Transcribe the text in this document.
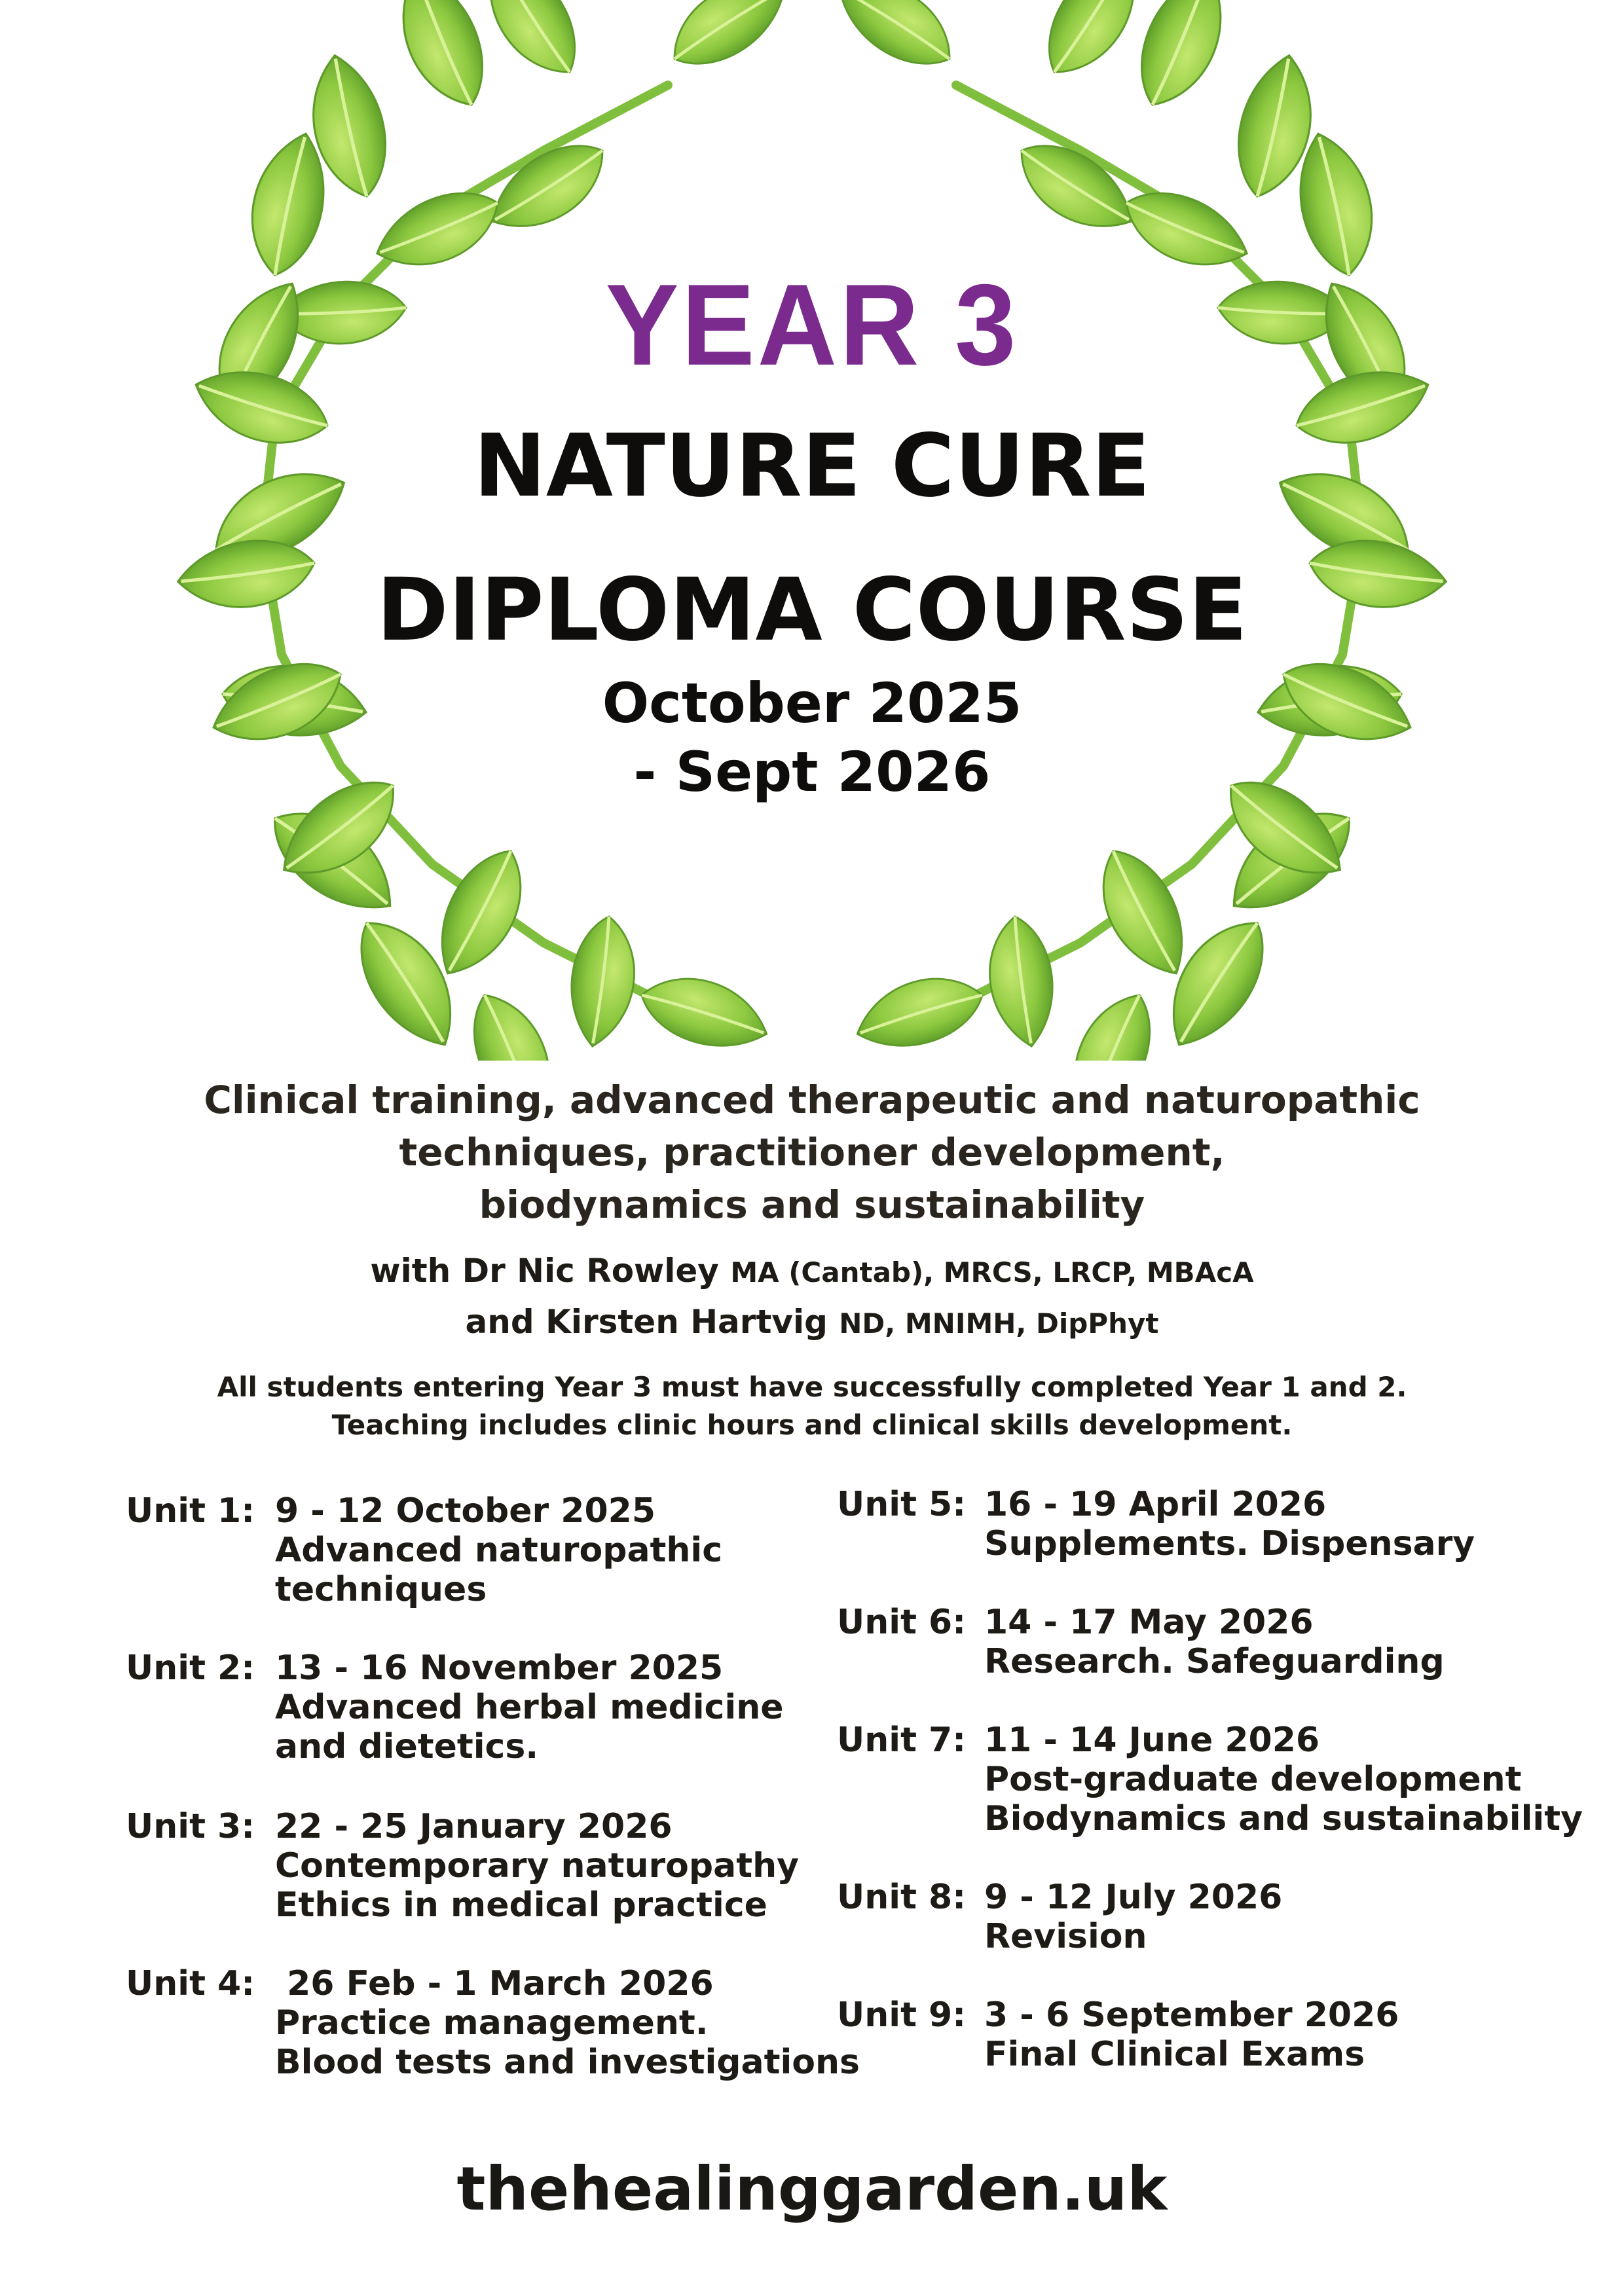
YEAR 3
NATURE CURE
DIPLOMA COURSE
October 2025
- Sept 2026
Clinical training, advanced therapeutic and naturopathic
techniques, practitioner development,
biodynamics and sustainability
with Dr Nic Rowley MA (Cantab), MRCS, LRCP, MBAcA
and Kirsten Hartvig ND, MNIMH, DipPhyt
All students entering Year 3 must have successfully completed Year 1 and 2.
Teaching includes clinic hours and clinical skills development.
Unit 1: 9 - 12 October 2025
Advanced naturopathic
techniques
Unit 2: 13 - 16 November 2025
Advanced herbal medicine
and dietetics.
Unit 3: 22 - 25 January 2026
Contemporary naturopathy
Ethics in medical practice
Unit 4: 26 Feb - 1 March 2026
Practice management.
Blood tests and investigations
Unit 5: 16 - 19 April 2026
Supplements. Dispensary
Unit 6: 14 - 17 May 2026
Research. Safeguarding
Unit 7: 11 - 14 June 2026
Post-graduate development
Biodynamics and sustainability
Unit 8: 9 - 12 July 2026
Revision
Unit 9: 3 - 6 September 2026
Final Clinical Exams
thehealinggarden.uk
